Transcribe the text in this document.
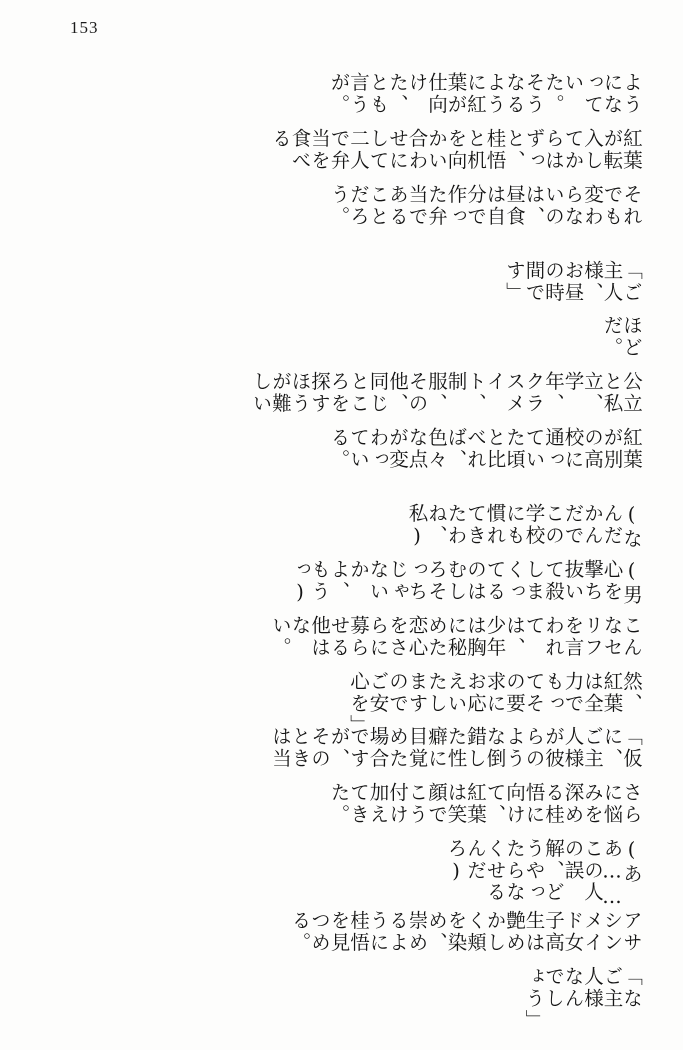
153
「なご主人様なんでしょう」
アサシンメイド女子高生は艶めかしく頬を染め、崇めるように桂悟を見つめる。
(ああ……この人の誤解、どうやったらなくせるんだろ)
さらに悩みを深める桂悟に向けて、紅葉は笑顔でこう付け加えてきた。
「仮に、ご主人様が彼らのような倒錯した性癖に目覚めた場合ですが、そのときは当
然、紅葉は全力でもってその要求にお応えいたしますのでご安心を」
こんなセリフを言われては、少年は胸に秘めた恋心をさらに募らせる他はない。
(男心を撃ち抜いて殺しまくってるのはむしろそっちじゃないかよ、もうっ)
(なんだかんだでこの学校にも慣れてきたわね、私)
紅葉が別の高校に通っていた頃と比べれば、色々な点が変わっている。
公立と私立、学年、クラスメイト、制服、その他、同じところを探すほうが難しい
ほどだ。
「ご主人様、お昼の時間です」
それでも変わらないのは、昼食は自分で作った弁当であることだろう。
紅葉が転入してからはずっと、桂悟と机を向かい合わせにして二人で弁当を食べる
ようになっていた。そうなるように紅葉が仕向けた、とも言うが。
